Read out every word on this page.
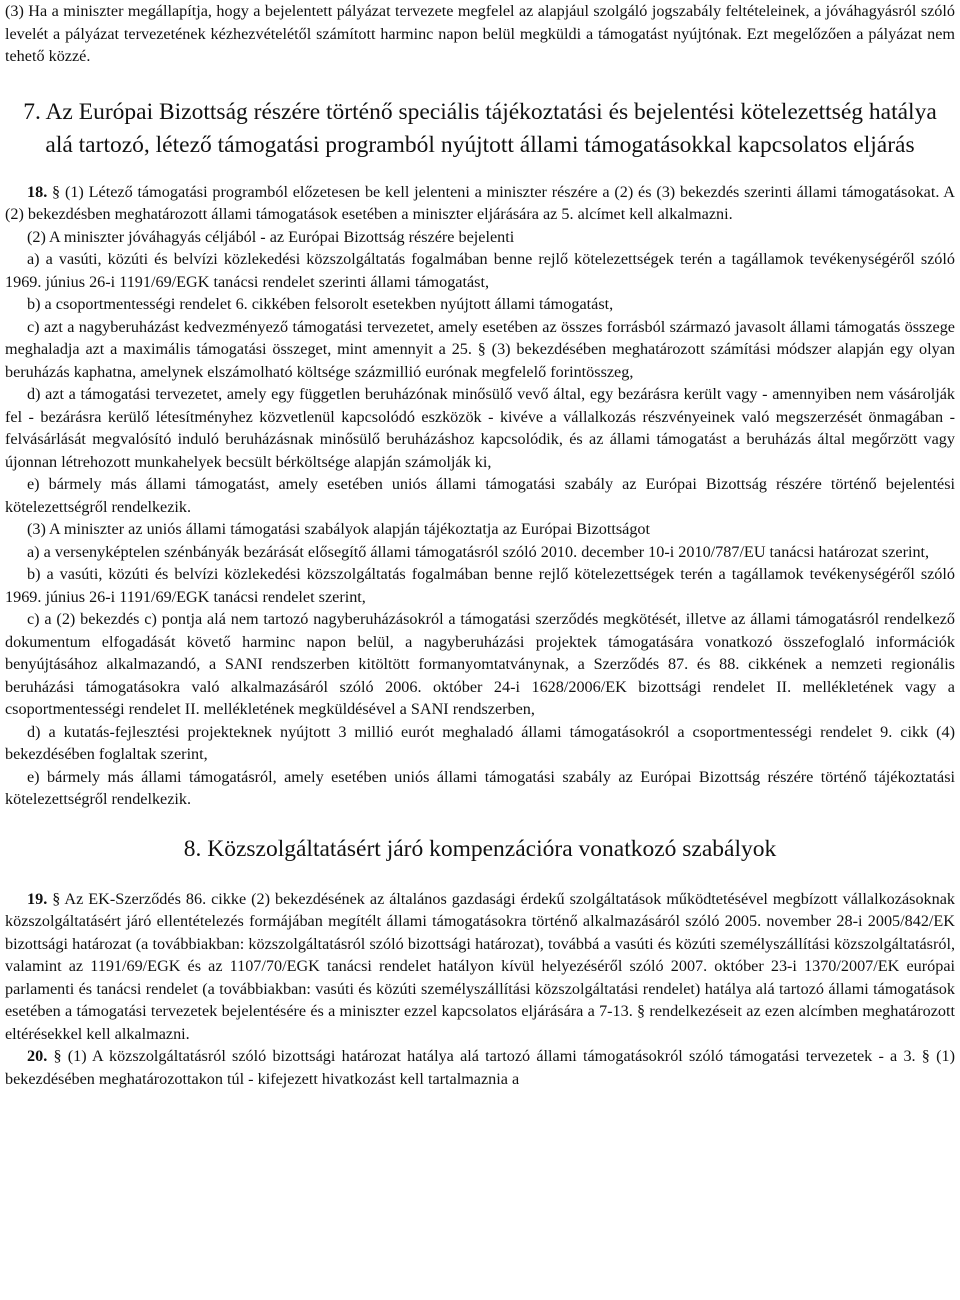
(3) Ha a miniszter megállapítja, hogy a bejelentett pályázat tervezete megfelel az alapjául szolgáló jogszabály feltételeinek, a jóváhagyásról szóló levelét a pályázat tervezetének kézhezvételétől számított harminc napon belül megküldi a támogatást nyújtónak. Ezt megelőzően a pályázat nem tehető közzé.

7. Az Európai Bizottság részére történő speciális tájékoztatási és bejelentési kötelezettség hatálya alá tartozó, létező támogatási programból nyújtott állami támogatásokkal kapcsolatos eljárás

18. § (1) Létező támogatási programból előzetesen be kell jelenteni a miniszter részére a (2) és (3) bekezdés szerinti állami támogatásokat. A (2) bekezdésben meghatározott állami támogatások esetében a miniszter eljárására az 5. alcímet kell alkalmazni.

(2) A miniszter jóváhagyás céljából - az Európai Bizottság részére bejelenti

a) a vasúti, közúti és belvízi közlekedési közszolgáltatás fogalmában benne rejlő kötelezettségek terén a tagállamok tevékenységéről szóló 1969. június 26-i 1191/69/EGK tanácsi rendelet szerinti állami támogatást,

b) a csoportmentességi rendelet 6. cikkében felsorolt esetekben nyújtott állami támogatást,

c) azt a nagyberuházást kedvezményező támogatási tervezetet, amely esetében az összes forrásból származó javasolt állami támogatás összege meghaladja azt a maximális támogatási összeget, mint amennyit a 25. § (3) bekezdésében meghatározott számítási módszer alapján egy olyan beruházás kaphatna, amelynek elszámolható költsége százmillió eurónak megfelelő forintösszeg,

d) azt a támogatási tervezetet, amely egy független beruházónak minősülő vevő által, egy bezárásra került vagy - amennyiben nem vásárolják fel - bezárásra kerülő létesítményhez közvetlenül kapcsolódó eszközök - kivéve a vállalkozás részvényeinek való megszerzését önmagában - felvásárlását megvalósító induló beruházásnak minősülő beruházáshoz kapcsolódik, és az állami támogatást a beruházás által megőrzött vagy újonnan létrehozott munkahelyek becsült bérköltsége alapján számolják ki,

e) bármely más állami támogatást, amely esetében uniós állami támogatási szabály az Európai Bizottság részére történő bejelentési kötelezettségről rendelkezik.

(3) A miniszter az uniós állami támogatási szabályok alapján tájékoztatja az Európai Bizottságot

a) a versenyképtelen szénbányák bezárását elősegítő állami támogatásról szóló 2010. december 10-i 2010/787/EU tanácsi határozat szerint,

b) a vasúti, közúti és belvízi közlekedési közszolgáltatás fogalmában benne rejlő kötelezettségek terén a tagállamok tevékenységéről szóló 1969. június 26-i 1191/69/EGK tanácsi rendelet szerint,

c) a (2) bekezdés c) pontja alá nem tartozó nagyberuházásokról a támogatási szerződés megkötését, illetve az állami támogatásról rendelkező dokumentum elfogadását követő harminc napon belül, a nagyberuházási projektek támogatására vonatkozó összefoglaló információk benyújtásához alkalmazandó, a SANI rendszerben kitöltött formanyomtatványnak, a Szerződés 87. és 88. cikkének a nemzeti regionális beruházási támogatásokra való alkalmazásáról szóló 2006. október 24-i 1628/2006/EK bizottsági rendelet II. mellékletének vagy a csoportmentességi rendelet II. mellékletének megküldésével a SANI rendszerben,

d) a kutatás-fejlesztési projekteknek nyújtott 3 millió eurót meghaladó állami támogatásokról a csoportmentességi rendelet 9. cikk (4) bekezdésében foglaltak szerint,

e) bármely más állami támogatásról, amely esetében uniós állami támogatási szabály az Európai Bizottság részére történő tájékoztatási kötelezettségről rendelkezik.

8. Közszolgáltatásért járó kompenzációra vonatkozó szabályok

19. § Az EK-Szerződés 86. cikke (2) bekezdésének az általános gazdasági érdekű szolgáltatások működtetésével megbízott vállalkozásoknak közszolgáltatásért járó ellentételezés formájában megítélt állami támogatásokra történő alkalmazásáról szóló 2005. november 28-i 2005/842/EK bizottsági határozat (a továbbiakban: közszolgáltatásról szóló bizottsági határozat), továbbá a vasúti és közúti személyszállítási közszolgáltatásról, valamint az 1191/69/EGK és az 1107/70/EGK tanácsi rendelet hatályon kívül helyezéséről szóló 2007. október 23-i 1370/2007/EK európai parlamenti és tanácsi rendelet (a továbbiakban: vasúti és közúti személyszállítási közszolgáltatási rendelet) hatálya alá tartozó állami támogatások esetében a támogatási tervezetek bejelentésére és a miniszter ezzel kapcsolatos eljárására a 7-13. § rendelkezéseit az ezen alcímben meghatározott eltérésekkel kell alkalmazni.

20. § (1) A közszolgáltatásról szóló bizottsági határozat hatálya alá tartozó állami támogatásokról szóló támogatási tervezetek - a 3. § (1) bekezdésében meghatározottakon túl - kifejezett hivatkozást kell tartalmaznia a
